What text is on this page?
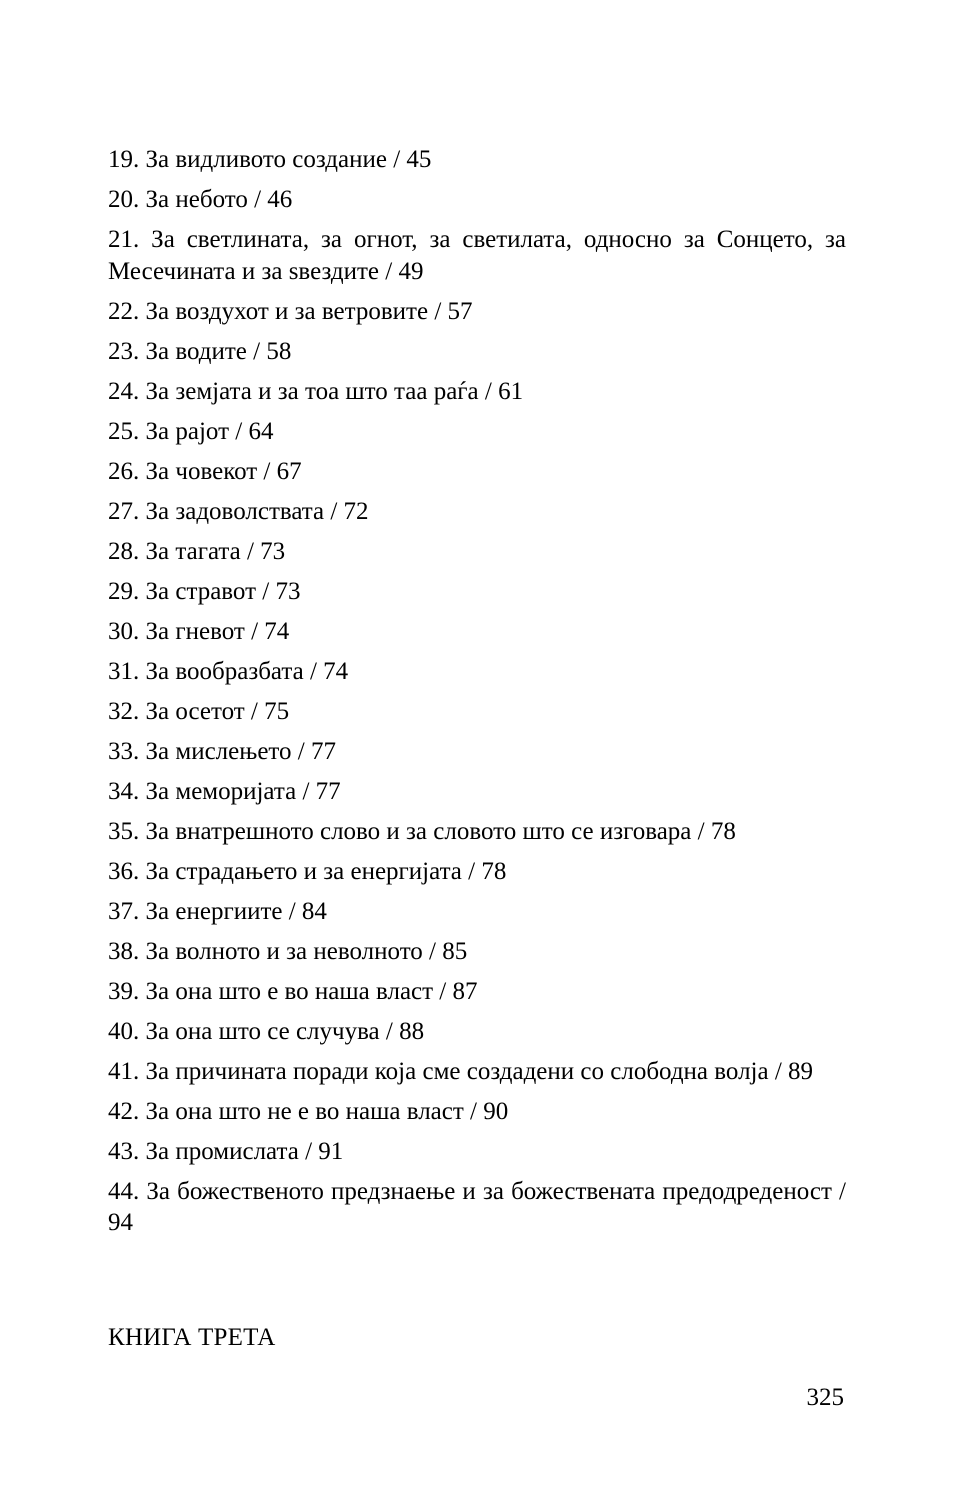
19. За видливото создание / 45
20. За небото / 46
21. За светлината, за огнот, за светилата, односно за Сонцето, за Месечината и за ѕвездите / 49
22. За воздухот и за ветровите / 57
23. За водите / 58
24. За земјата и за тоа што таа раѓа / 61
25. За рајот / 64
26. За човекот / 67
27. За задоволствата / 72
28. За тагата / 73
29. За стравот / 73
30. За гневот / 74
31. За вообразбата / 74
32. За осетот / 75
33. За мислењето / 77
34. За меморијата / 77
35. За внатрешното слово и за словото што се изговара / 78
36. За страдањето и за енергијата / 78
37. За енергиите / 84
38. За волното и за неволното / 85
39. За она што е во наша власт / 87
40. За она што се случува / 88
41. За причината поради која сме создадени со слободна волја / 89
42. За она што не е во наша власт / 90
43. За промислата / 91
44. За божественото предзнаење и за божествената предодреденост / 94
КНИГА ТРЕТА
325
